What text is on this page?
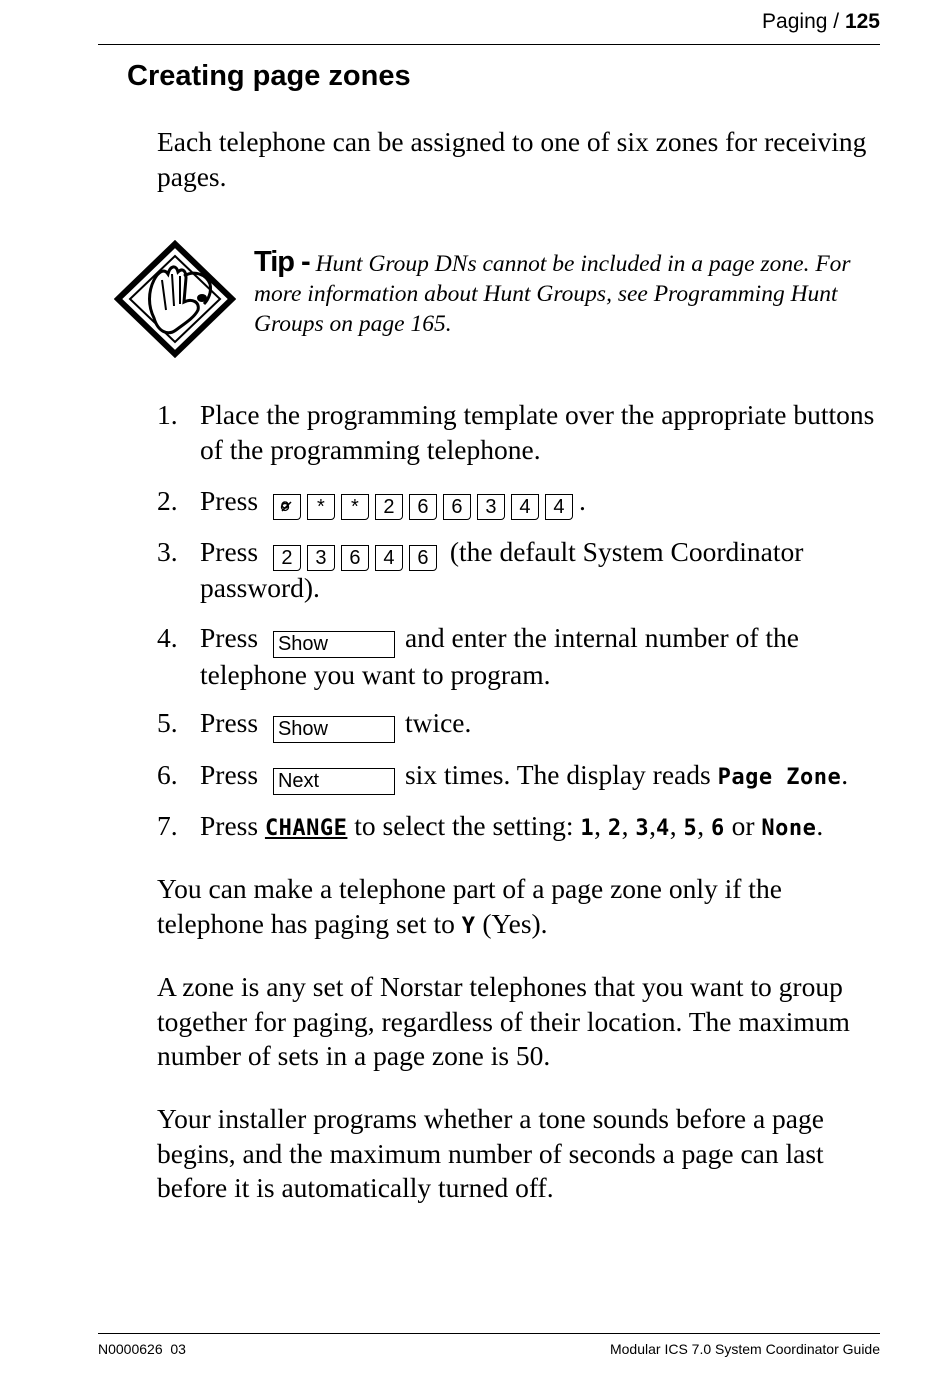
Paging / 125
Creating page zones
Each telephone can be assigned to one of six zones for receiving pages.
Tip - Hunt Group DNs cannot be included in a page zone. For more information about Hunt Groups, see Programming Hunt Groups on page 165.
1. Place the programming template over the appropriate buttons of the programming telephone.
2. Press	* * 2 6 6 3 4 4 .
3. Press 2 3 6 4 6 (the default System Coordinator password).
4. Press Show	and enter the internal number of the telephone you want to program.
5. Press Show	twice.
6. Press Next	six times. The display reads Page Zone.
7. Press CHANGE to select the setting: 1, 2, 3,4, 5, 6 or None.
You can make a telephone part of a page zone only if the telephone has paging set to Y (Yes).
A zone is any set of Norstar telephones that you want to group together for paging, regardless of their location. The maximum number of sets in a page zone is 50.
Your installer programs whether a tone sounds before a page begins, and the maximum number of seconds a page can last before it is automatically turned off.
N0000626  03	Modular ICS 7.0 System Coordinator Guide
